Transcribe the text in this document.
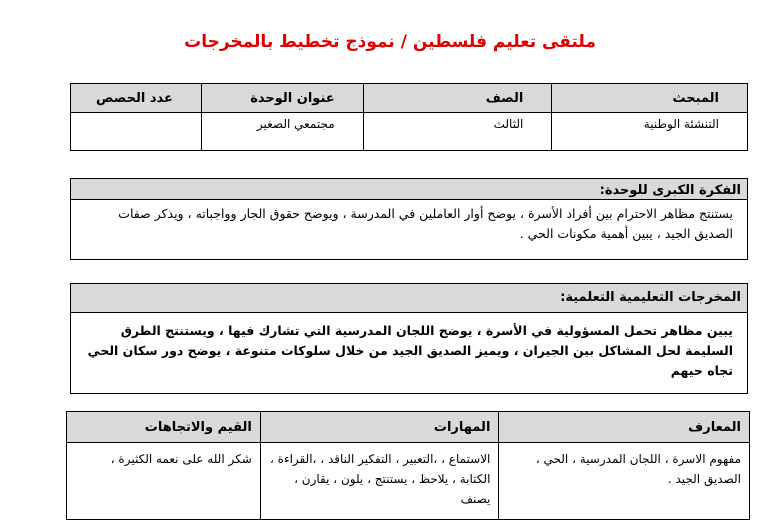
ملتقى تعليم فلسطين / نموذج تخطيط بالمخرجات
المبحث	الصف	عنوان الوحدة	عدد الحصص
التنشئة الوطنية	الثالث	مجتمعي الصغير	
الفكرة الكبرى للوحدة:
يستنتج مظاهر الاحترام بين أفراد الأسرة ، يوضح أوار العاملين في المدرسة ، ويوضح حقوق الجار وواجباته ، ويذكر صفات الصديق الجيد ، يبين أهمية مكونات الحي .
المخرجات التعليمية التعلمية:
يبين مظاهر تحمل المسؤولية في الأسرة ، يوضح اللجان المدرسية التي تشارك فيها ، ويستنتج الطرق السليمة لحل المشاكل بين الجيران ، ويميز الصديق الجيد من خلال سلوكات متنوعة ، يوضح دور سكان الحي تجاه حيهم
المعارف	المهارات	القيم والاتجاهات
مفهوم الاسرة ، اللجان المدرسية ، الحي ، الصديق الجيد .	الاستماع ، ،التعبير ، التفكير الناقد ، ،القراءة ، الكتابة ، يلاحظ ، يستنتج ، يلون ، يقارن ، يصنف	شكر الله على نعمه الكثيرة ،
